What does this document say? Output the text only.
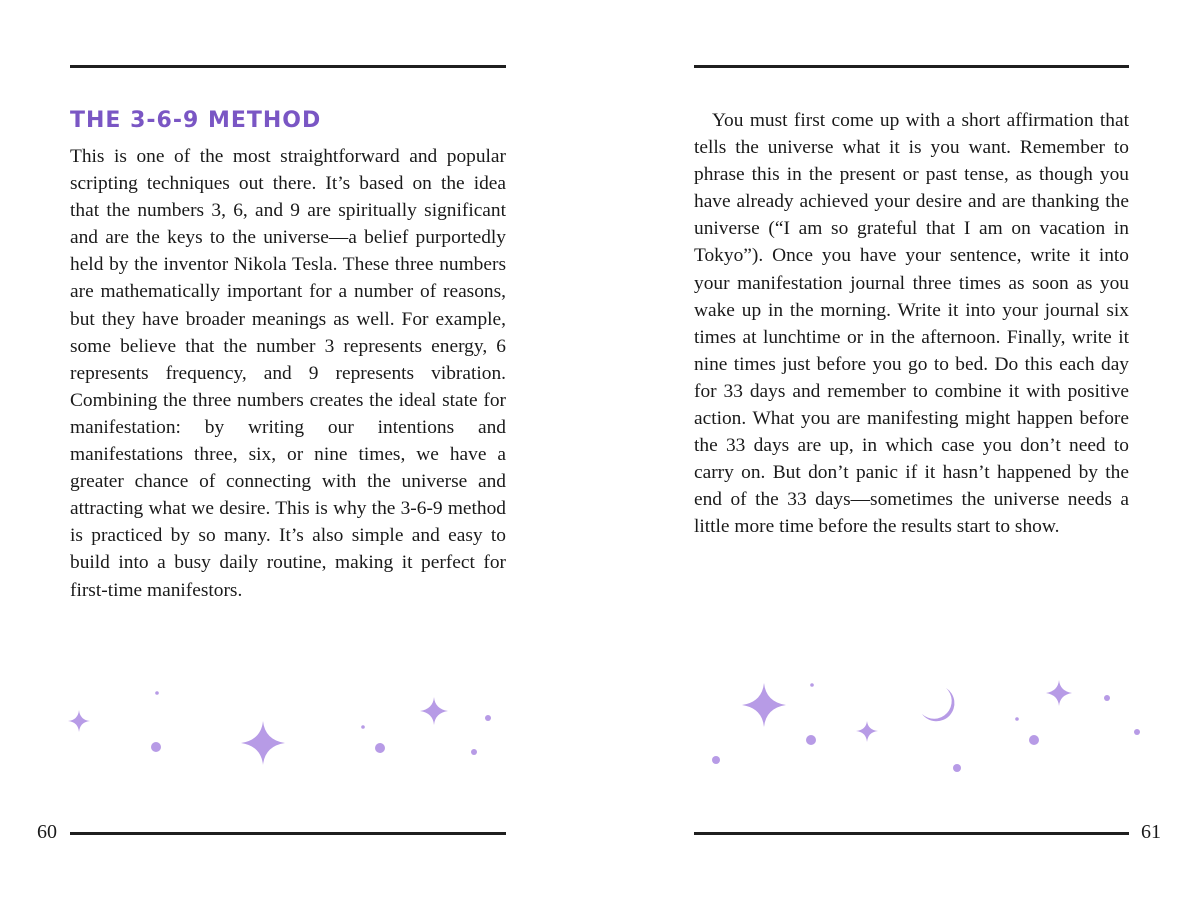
THE 3-6-9 METHOD

This is one of the most straightforward and popular scripting techniques out there. It’s based on the idea that the numbers 3, 6, and 9 are spiritually significant and are the keys to the universe—a belief purportedly held by the inventor Nikola Tesla. These three numbers are mathematically important for a number of reasons, but they have broader meanings as well. For example, some believe that the number 3 represents energy, 6 represents frequency, and 9 represents vibration. Combining the three numbers creates the ideal state for manifestation: by writing our intentions and manifestations three, six, or nine times, we have a greater chance of connecting with the universe and attracting what we desire. This is why the 3-6-9 method is practiced by so many. It’s also simple and easy to build into a busy daily routine, making it perfect for first-time manifestors.

60

You must first come up with a short affirmation that tells the universe what it is you want. Remember to phrase this in the present or past tense, as though you have already achieved your desire and are thanking the universe (“I am so grateful that I am on vacation in Tokyo”). Once you have your sentence, write it into your manifestation journal three times as soon as you wake up in the morning. Write it into your journal six times at lunchtime or in the afternoon. Finally, write it nine times just before you go to bed. Do this each day for 33 days and remember to combine it with positive action. What you are manifesting might happen before the 33 days are up, in which case you don’t need to carry on. But don’t panic if it hasn’t happened by the end of the 33 days—sometimes the universe needs a little more time before the results start to show.

61
